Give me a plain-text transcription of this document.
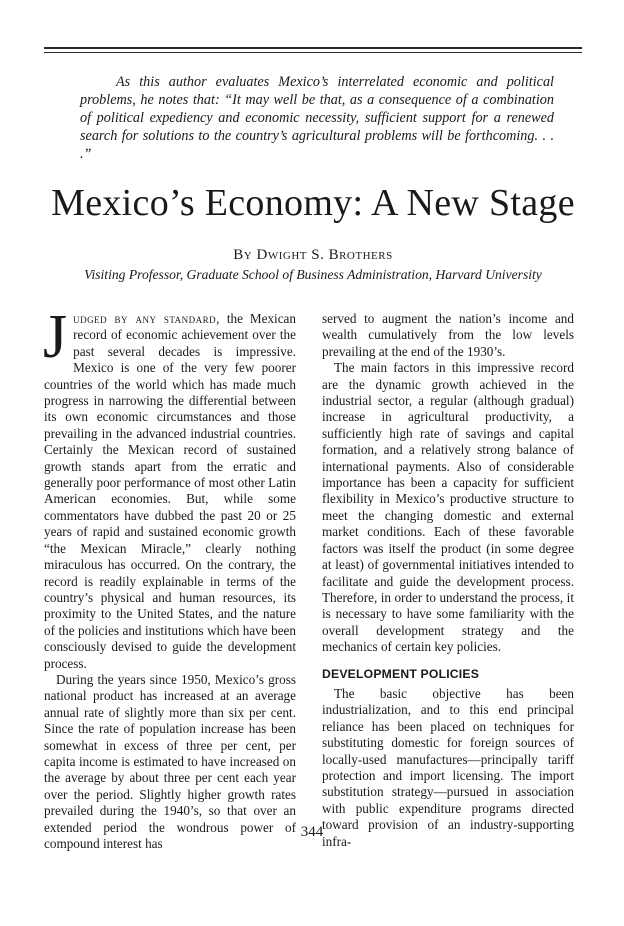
As this author evaluates Mexico’s interrelated economic and political problems, he notes that: “It may well be that, as a consequence of a combination of political expediency and economic necessity, sufficient support for a renewed search for solutions to the country’s agricultural problems will be forthcoming. . . .”
Mexico’s Economy: A New Stage
By Dwight S. Brothers
Visiting Professor, Graduate School of Business Administration, Harvard University

Judged by any standard, the Mexican record of economic achievement over the past several decades is impressive. Mexico is one of the very few poorer countries of the world which has made much progress in narrowing the differential between its own economic circumstances and those prevailing in the advanced industrial countries. Certainly the Mexican record of sustained growth stands apart from the erratic and generally poor performance of most other Latin American economies. But, while some commentators have dubbed the past 20 or 25 years of rapid and sustained economic growth “the Mexican Miracle,” clearly nothing miraculous has occurred. On the contrary, the record is readily explainable in terms of the country’s physical and human resources, its proximity to the United States, and the nature of the policies and institutions which have been consciously devised to guide the development process.

During the years since 1950, Mexico’s gross national product has increased at an average annual rate of slightly more than six per cent. Since the rate of population increase has been somewhat in excess of three per cent, per capita income is estimated to have increased on the average by about three per cent each year over the period. Slightly higher growth rates prevailed during the 1940’s, so that over an extended period the wondrous power of compound interest has

served to augment the nation’s income and wealth cumulatively from the low levels prevailing at the end of the 1930’s.

The main factors in this impressive record are the dynamic growth achieved in the industrial sector, a regular (although gradual) increase in agricultural productivity, a sufficiently high rate of savings and capital formation, and a relatively strong balance of international payments. Also of considerable importance has been a capacity for sufficient flexibility in Mexico’s productive structure to meet the changing domestic and external market conditions. Each of these favorable factors was itself the product (in some degree at least) of governmental initiatives intended to facilitate and guide the development process. Therefore, in order to understand the process, it is necessary to have some familiarity with the overall development strategy and the mechanics of certain key policies.

DEVELOPMENT POLICIES

The basic objective has been industrialization, and to this end principal reliance has been placed on techniques for substituting domestic for foreign sources of locally-used manufactures—principally tariff protection and import licensing. The import substitution strategy—pursued in association with public expenditure programs directed toward provision of an industry-supporting infra-

344
